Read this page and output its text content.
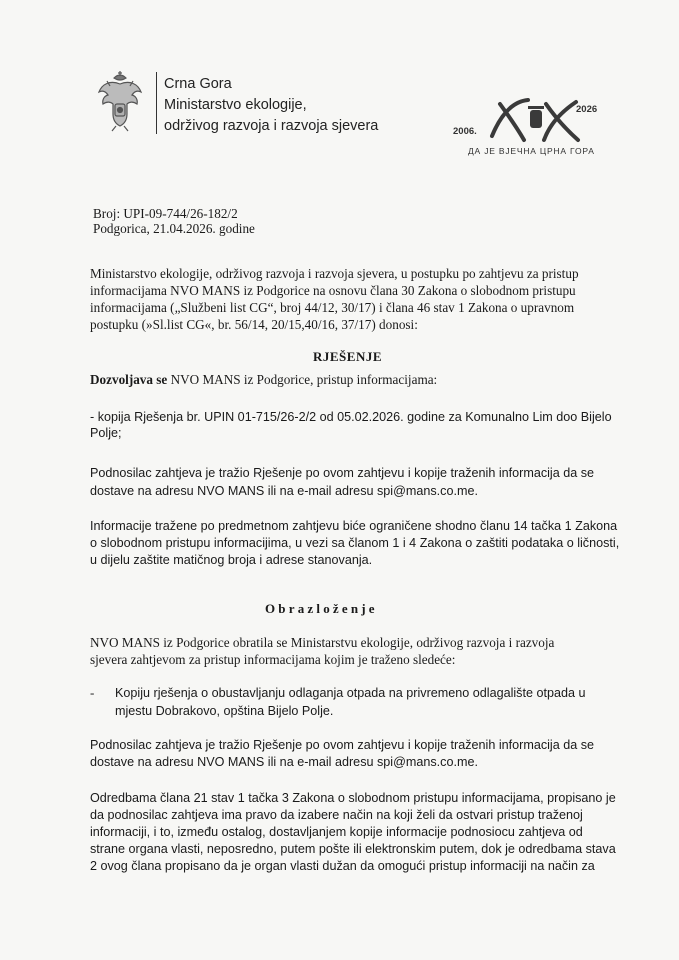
Crna Gora
Ministarstvo ekologije,
održivog razvoja i razvoja sjevera	2006.
2026
ДА ЈЕ ВЈЕЧНА ЦРНА ГОРА
Broj: UPI-09-744/26-182/2
Podgorica, 21.04.2026. godine
Ministarstvo ekologije, održivog razvoja i razvoja sjevera, u postupku po zahtjevu za pristup
informacijama NVO MANS iz Podgorice na osnovu člana 30 Zakona o slobodnom pristupu
informacijama („Službeni list CG“, broj 44/12, 30/17) i člana 46 stav 1 Zakona o upravnom
postupku (»Sl.list CG«, br. 56/14, 20/15,40/16, 37/17) donosi:
RJEŠENJE
Dozvoljava se NVO MANS iz Podgorice, pristup informacijama:
- kopija Rješenja br. UPIN 01-715/26-2/2 od 05.02.2026. godine za Komunalno Lim doo Bijelo
Polje;
Podnosilac zahtjeva je tražio Rješenje po ovom zahtjevu i kopije traženih informacija da se
dostave na adresu NVO MANS ili na e-mail adresu spi@mans.co.me.
Informacije tražene po predmetnom zahtjevu biće ograničene shodno članu 14 tačka 1 Zakona
o slobodnom pristupu informacijima, u vezi sa članom 1 i 4 Zakona o zaštiti podataka o ličnosti,
u dijelu zaštite matičnog broja i adrese stanovanja.
Obrazloženje
NVO MANS iz Podgorice obratila se Ministarstvu ekologije, održivog razvoja i razvoja
sjevera zahtjevom za pristup informacijama kojim je traženo sledeće:
- Kopiju rješenja o obustavljanju odlaganja otpada na privremeno odlagalište otpada u
mjestu Dobrakovo, opština Bijelo Polje.
Podnosilac zahtjeva je tražio Rješenje po ovom zahtjevu i kopije traženih informacija da se
dostave na adresu NVO MANS ili na e-mail adresu spi@mans.co.me.
Odredbama člana 21 stav 1 tačka 3 Zakona o slobodnom pristupu informacijama, propisano je
da podnosilac zahtjeva ima pravo da izabere način na koji želi da ostvari pristup traženoj
informaciji, i to, između ostalog, dostavljanjem kopije informacije podnosiocu zahtjeva od
strane organa vlasti, neposredno, putem pošte ili elektronskim putem, dok je odredbama stava
2 ovog člana propisano da je organ vlasti dužan da omogući pristup informaciji na način za
